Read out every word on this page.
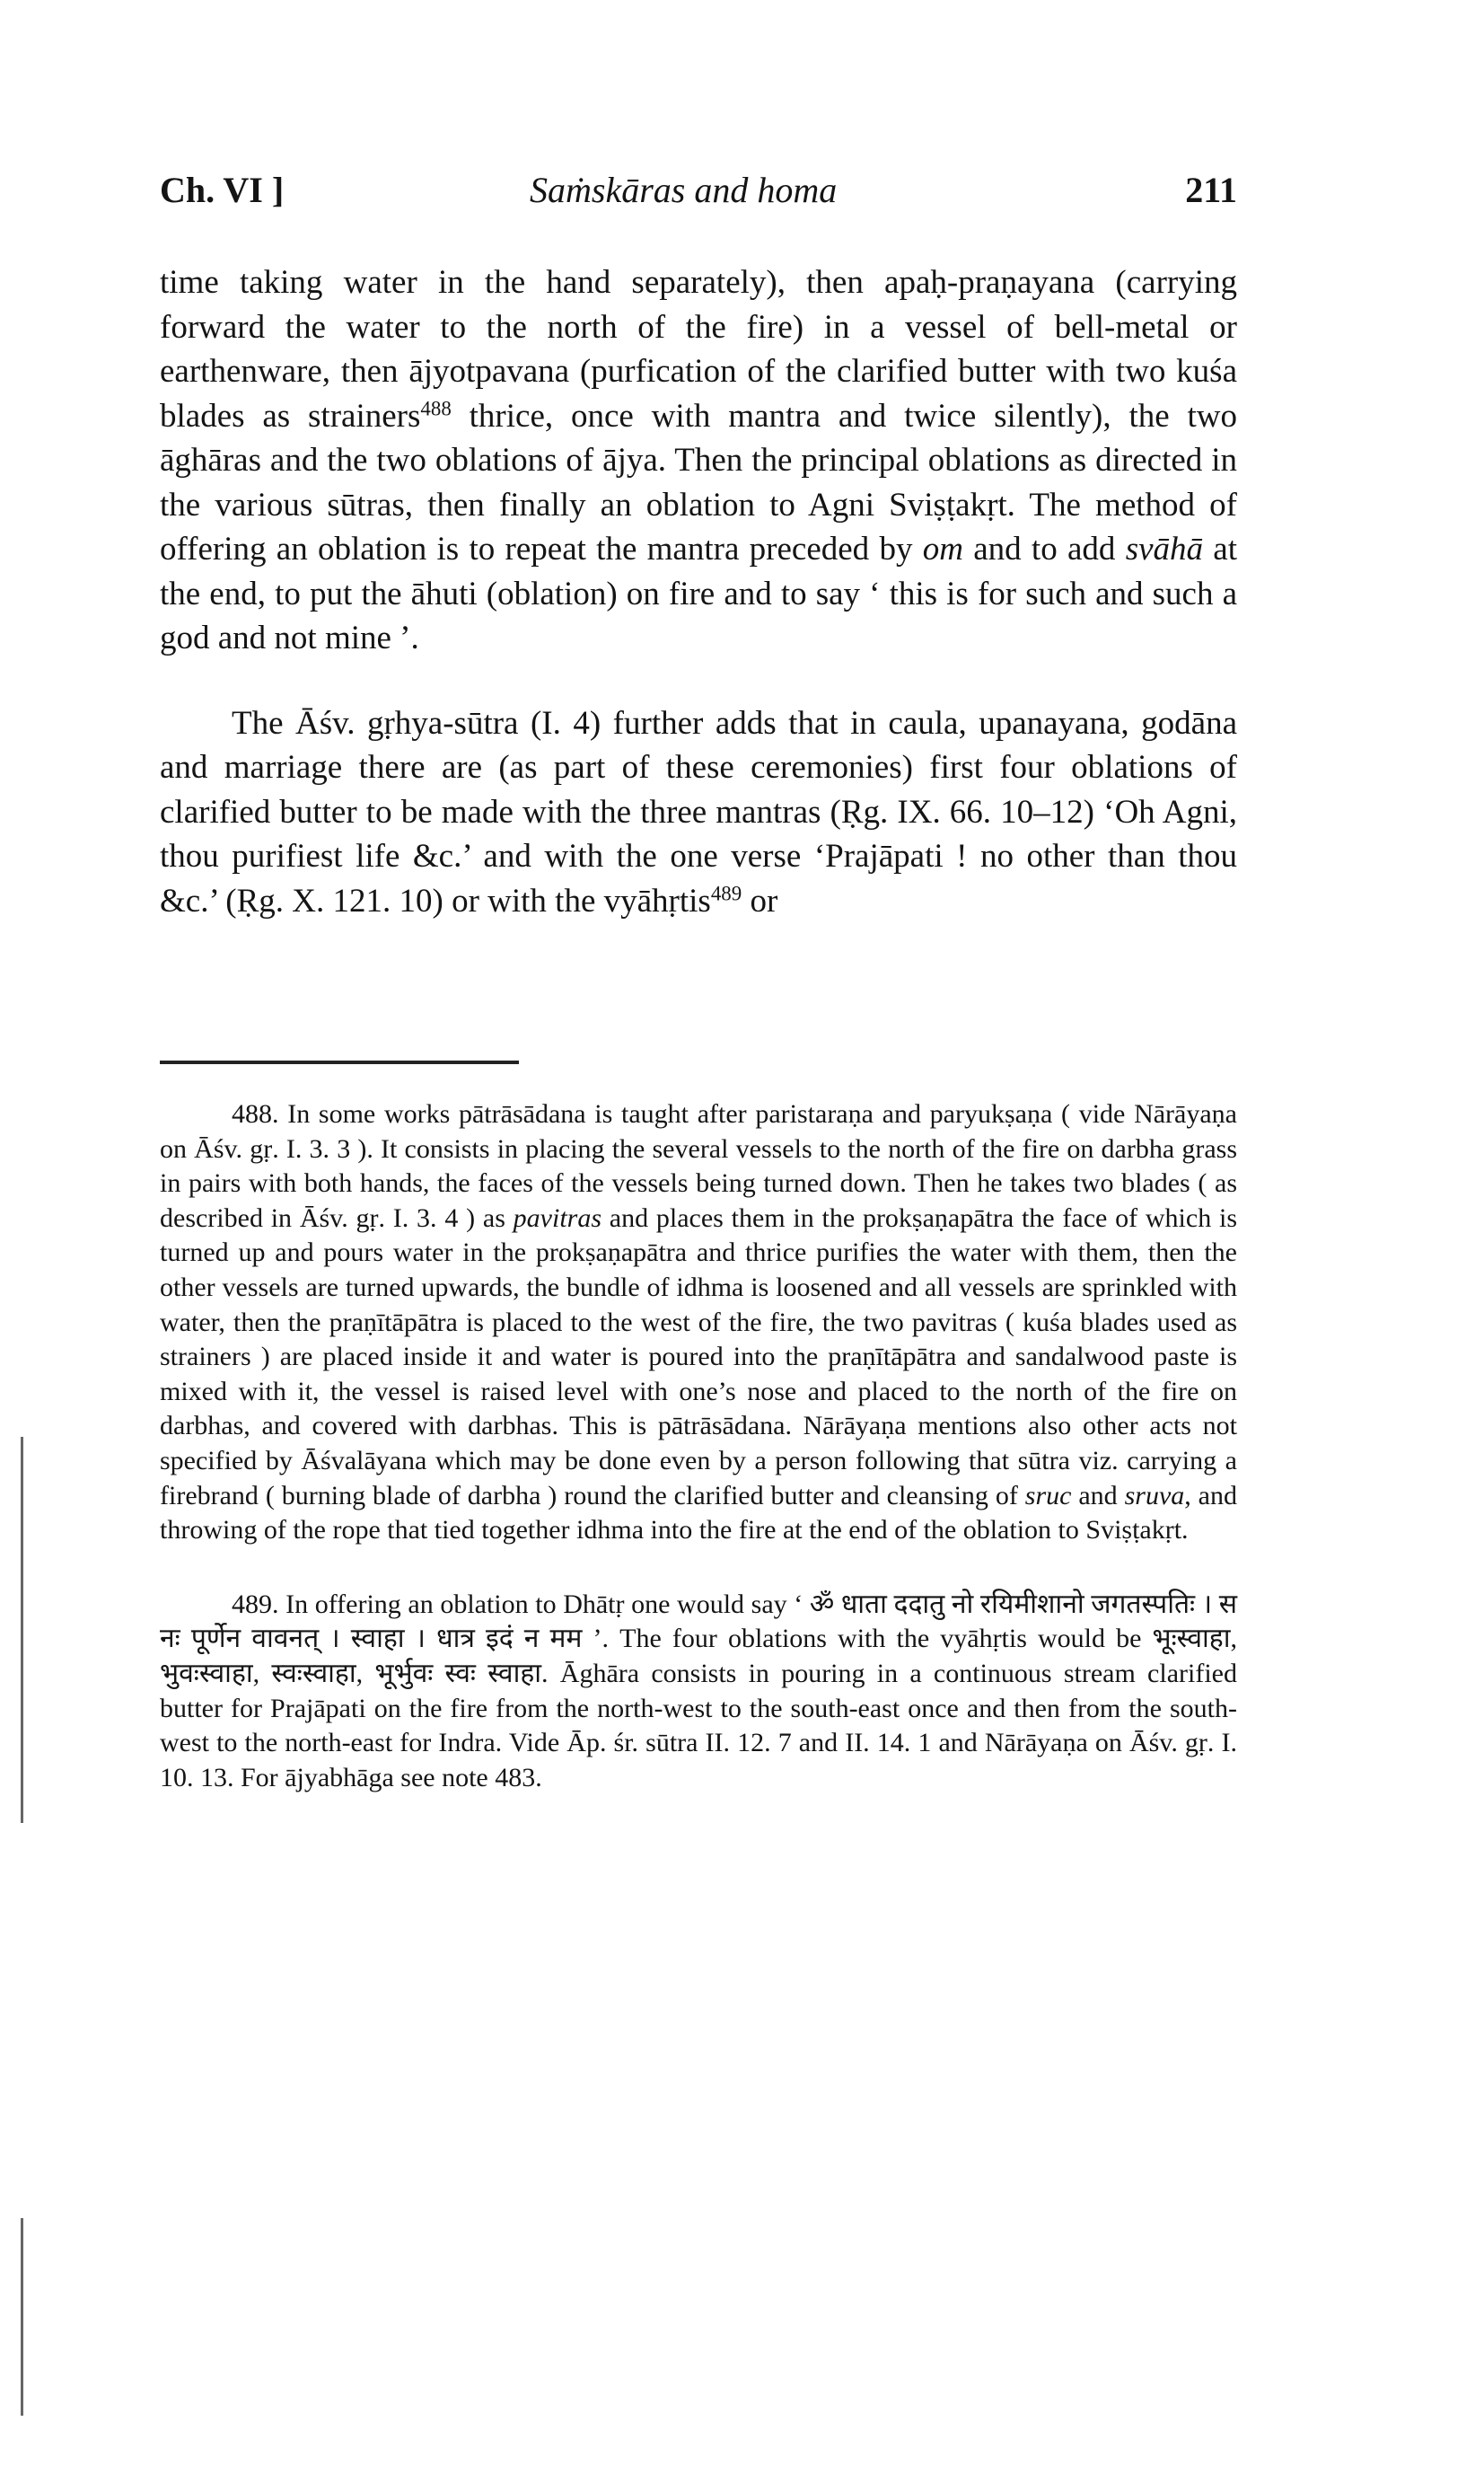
Ch. VI ]	Saṁskāras and homa	211

time taking water in the hand separately), then apaḥ-praṇayana (carrying forward the water to the north of the fire) in a vessel of bell-metal or earthenware, then ājyotpavana (purfication of the clarified butter with two kuśa blades as strainers$^{488}$ thrice, once with mantra and twice silently), the two āghāras and the two oblations of ājya. Then the principal oblations as directed in the various sūtras, then finally an oblation to Agni Sviṣṭakṛt. The method of offering an oblation is to repeat the mantra preceded by om and to add svāhā at the end, to put the āhuti (oblation) on fire and to say ‘ this is for such and such a god and not mine ’.

The Āśv. gṛhya-sūtra (I. 4) further adds that in caula, upanayana, godāna and marriage there are (as part of these ceremonies) first four oblations of clarified butter to be made with the three mantras (Ṛg. IX. 66. 10–12) ‘Oh Agni, thou purifiest life &c.’ and with the one verse ‘Prajāpati ! no other than thou &c.’ (Ṛg. X. 121. 10) or with the vyāhṛtis$^{489}$ or

488. In some works pātrāsādana is taught after paristaraṇa and paryukṣaṇa ( vide Nārāyaṇa on Āśv. gṛ. I. 3. 3 ). It consists in placing the several vessels to the north of the fire on darbha grass in pairs with both hands, the faces of the vessels being turned down. Then he takes two blades ( as described in Āśv. gṛ. I. 3. 4 ) as pavitras and places them in the prokṣaṇapātra the face of which is turned up and pours water in the prokṣaṇapātra and thrice purifies the water with them, then the other vessels are turned upwards, the bundle of idhma is loosened and all vessels are sprinkled with water, then the praṇītāpātra is placed to the west of the fire, the two pavitras ( kuśa blades used as strainers ) are placed inside it and water is poured into the praṇītāpātra and sandalwood paste is mixed with it, the vessel is raised level with one’s nose and placed to the north of the fire on darbhas, and covered with darbhas. This is pātrāsādana. Nārāyaṇa mentions also other acts not specified by Āśvalāyana which may be done even by a person following that sūtra viz. carrying a firebrand ( burning blade of darbha ) round the clarified butter and cleansing of sruc and sruva, and throwing of the rope that tied together idhma into the fire at the end of the oblation to Sviṣṭakṛt.

489. In offering an oblation to Dhātṛ one would say ‘ ॐ धाता ददातु नो रयिमीशानो जगतस्पतिः । स नः पूर्णेन वावनत् । स्वाहा । धात्र इदं न मम ’. The four oblations with the vyāhṛtis would be भूःस्वाहा, भुवःस्वाहा, स्वःस्वाहा, भूर्भुवः स्वः स्वाहा. Āghāra consists in pouring in a continuous stream clarified butter for Prajāpati on the fire from the north-west to the south-east once and then from the south-west to the north-east for Indra. Vide Āp. śr. sūtra II. 12. 7 and II. 14. 1 and Nārāyaṇa on Āśv. gṛ. I. 10. 13. For ājyabhāga see note 483.
